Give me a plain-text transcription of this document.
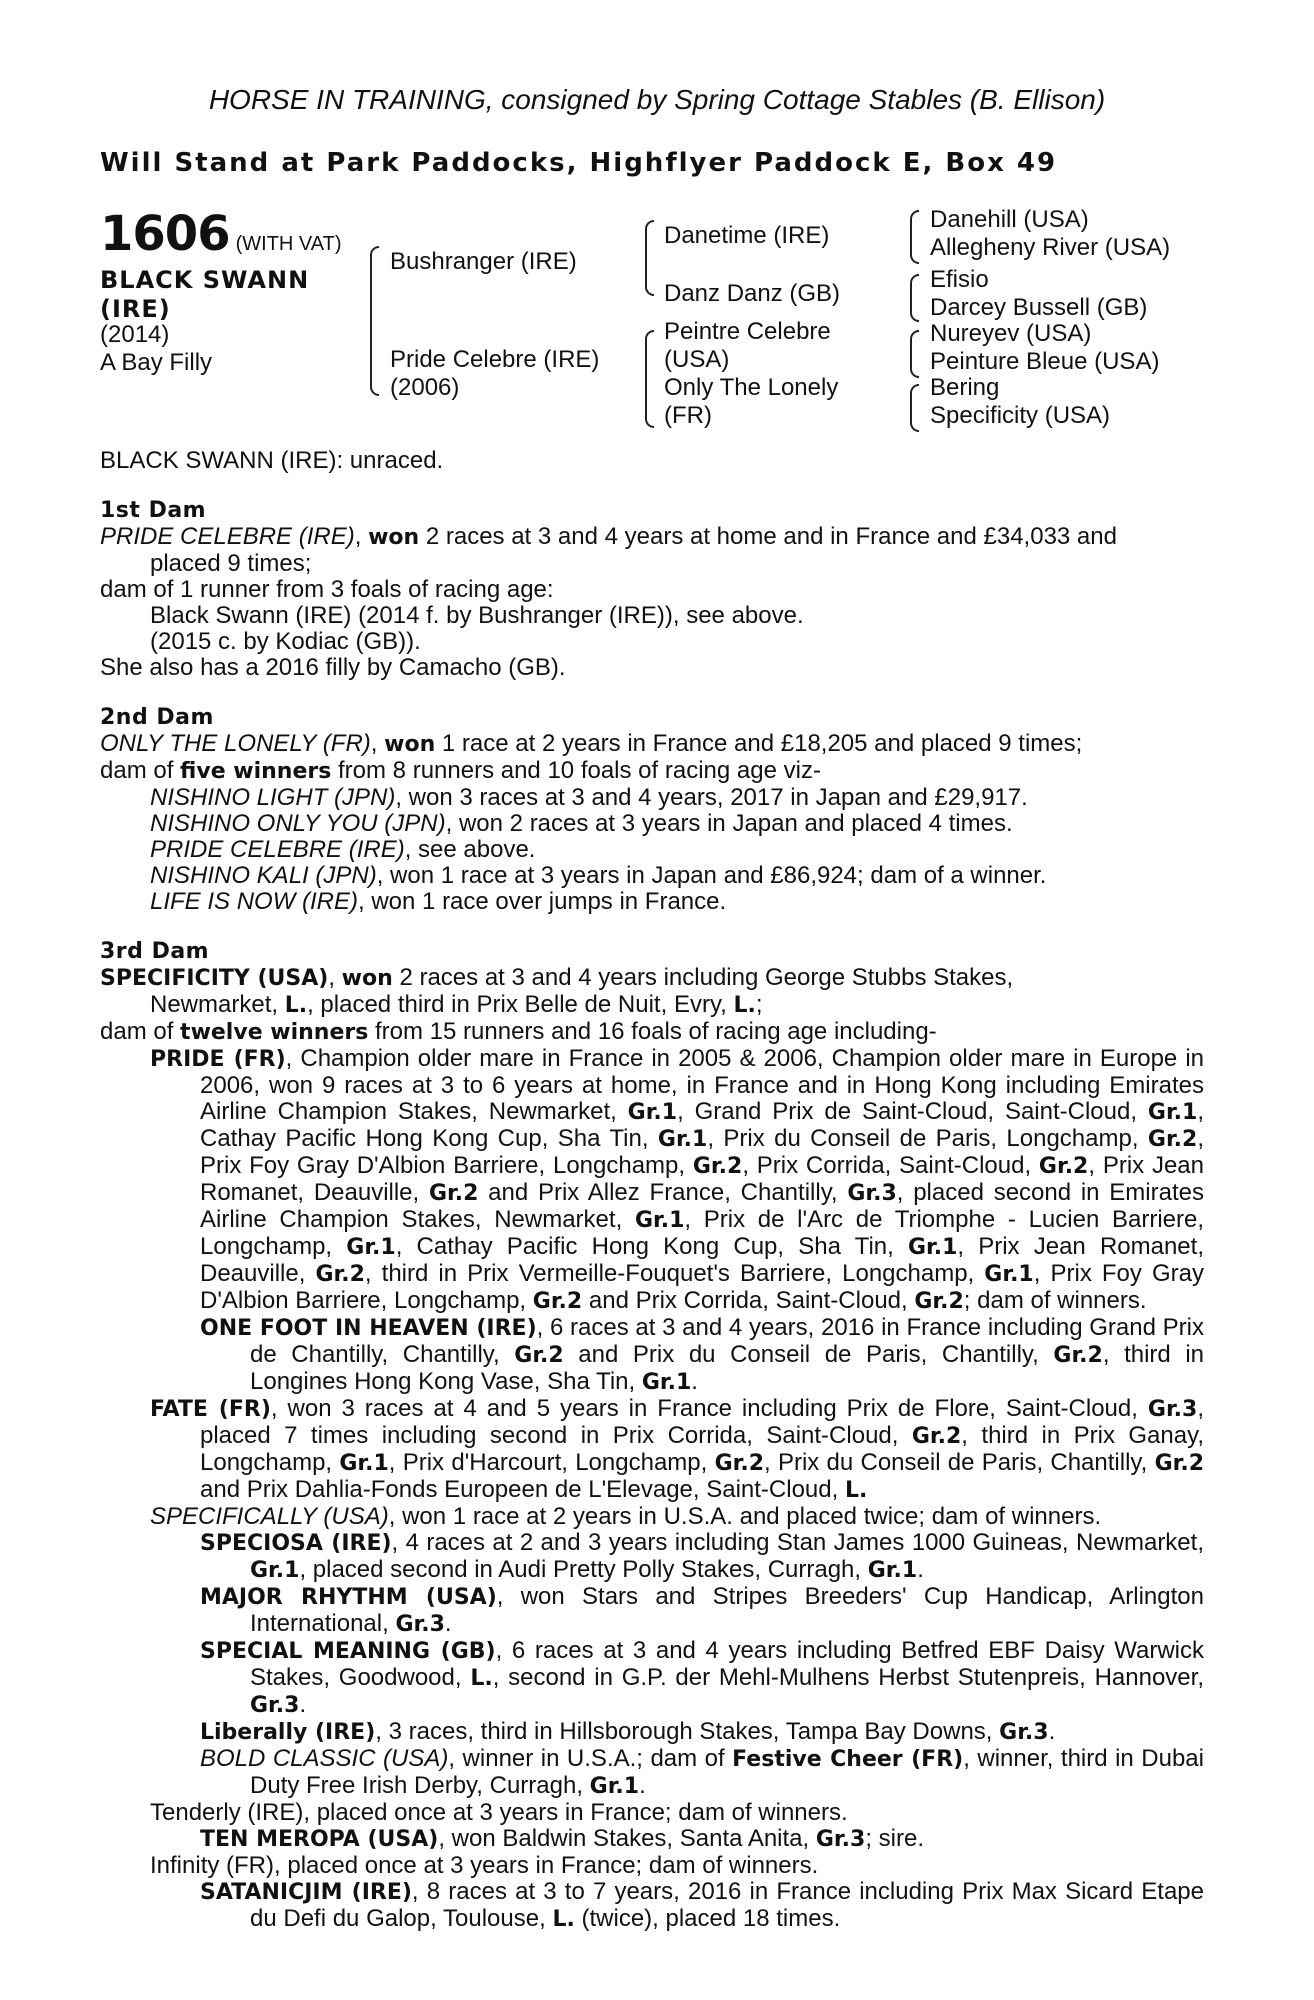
HORSE IN TRAINING, consigned by Spring Cottage Stables (B. Ellison)
Will Stand at Park Paddocks, Highflyer Paddock E, Box 49
1606 (WITH VAT)
BLACK SWANN
(IRE)
(2014)
A Bay Filly
Bushranger (IRE)
Pride Celebre (IRE)
(2006)
Danetime (IRE)
Danz Danz (GB)
Peintre Celebre
(USA)
Only The Lonely
(FR)
Danehill (USA)
Allegheny River (USA)
Efisio
Darcey Bussell (GB)
Nureyev (USA)
Peinture Bleue (USA)
Bering
Specificity (USA)

BLACK SWANN (IRE): unraced.

1st Dam

PRIDE CELEBRE (IRE), won 2 races at 3 and 4 years at home and in France and £34,033 and

placed 9 times;

dam of 1 runner from 3 foals of racing age:

Black Swann (IRE) (2014 f. by Bushranger (IRE)), see above.

(2015 c. by Kodiac (GB)).

She also has a 2016 filly by Camacho (GB).

2nd Dam

ONLY THE LONELY (FR), won 1 race at 2 years in France and £18,205 and placed 9 times;

dam of five winners from 8 runners and 10 foals of racing age viz-

NISHINO LIGHT (JPN), won 3 races at 3 and 4 years, 2017 in Japan and £29,917.

NISHINO ONLY YOU (JPN), won 2 races at 3 years in Japan and placed 4 times.

PRIDE CELEBRE (IRE), see above.

NISHINO KALI (JPN), won 1 race at 3 years in Japan and £86,924; dam of a winner.

LIFE IS NOW (IRE), won 1 race over jumps in France.

3rd Dam

SPECIFICITY (USA), won 2 races at 3 and 4 years including George Stubbs Stakes,

Newmarket, L., placed third in Prix Belle de Nuit, Evry, L.;

dam of twelve winners from 15 runners and 16 foals of racing age including-

PRIDE (FR), Champion older mare in France in 2005 & 2006, Champion older mare in Europe in 2006, won 9 races at 3 to 6 years at home, in France and in Hong Kong including Emirates Airline Champion Stakes, Newmarket, Gr.1, Grand Prix de Saint-Cloud, Saint-Cloud, Gr.1, Cathay Pacific Hong Kong Cup, Sha Tin, Gr.1, Prix du Conseil de Paris, Longchamp, Gr.2, Prix Foy Gray D'Albion Barriere, Longchamp, Gr.2, Prix Corrida, Saint-Cloud, Gr.2, Prix Jean Romanet, Deauville, Gr.2 and Prix Allez France, Chantilly, Gr.3, placed second in Emirates Airline Champion Stakes, Newmarket, Gr.1, Prix de l'Arc de Triomphe - Lucien Barriere, Longchamp, Gr.1, Cathay Pacific Hong Kong Cup, Sha Tin, Gr.1, Prix Jean Romanet, Deauville, Gr.2, third in Prix Vermeille-Fouquet's Barriere, Longchamp, Gr.1, Prix Foy Gray D'Albion Barriere, Longchamp, Gr.2 and Prix Corrida, Saint-Cloud, Gr.2; dam of winners.

ONE FOOT IN HEAVEN (IRE), 6 races at 3 and 4 years, 2016 in France including Grand Prix de Chantilly, Chantilly, Gr.2 and Prix du Conseil de Paris, Chantilly, Gr.2, third in Longines Hong Kong Vase, Sha Tin, Gr.1.

FATE (FR), won 3 races at 4 and 5 years in France including Prix de Flore, Saint-Cloud, Gr.3, placed 7 times including second in Prix Corrida, Saint-Cloud, Gr.2, third in Prix Ganay, Longchamp, Gr.1, Prix d'Harcourt, Longchamp, Gr.2, Prix du Conseil de Paris, Chantilly, Gr.2 and Prix Dahlia-Fonds Europeen de L'Elevage, Saint-Cloud, L.

SPECIFICALLY (USA), won 1 race at 2 years in U.S.A. and placed twice; dam of winners.

SPECIOSA (IRE), 4 races at 2 and 3 years including Stan James 1000 Guineas, Newmarket, Gr.1, placed second in Audi Pretty Polly Stakes, Curragh, Gr.1.

MAJOR RHYTHM (USA), won Stars and Stripes Breeders' Cup Handicap, Arlington International, Gr.3.

SPECIAL MEANING (GB), 6 races at 3 and 4 years including Betfred EBF Daisy Warwick Stakes, Goodwood, L., second in G.P. der Mehl-Mulhens Herbst Stutenpreis, Hannover, Gr.3.

Liberally (IRE), 3 races, third in Hillsborough Stakes, Tampa Bay Downs, Gr.3.

BOLD CLASSIC (USA), winner in U.S.A.; dam of Festive Cheer (FR), winner, third in Dubai Duty Free Irish Derby, Curragh, Gr.1.

Tenderly (IRE), placed once at 3 years in France; dam of winners.

TEN MEROPA (USA), won Baldwin Stakes, Santa Anita, Gr.3; sire.

Infinity (FR), placed once at 3 years in France; dam of winners.

SATANICJIM (IRE), 8 races at 3 to 7 years, 2016 in France including Prix Max Sicard Etape du Defi du Galop, Toulouse, L. (twice), placed 18 times.
